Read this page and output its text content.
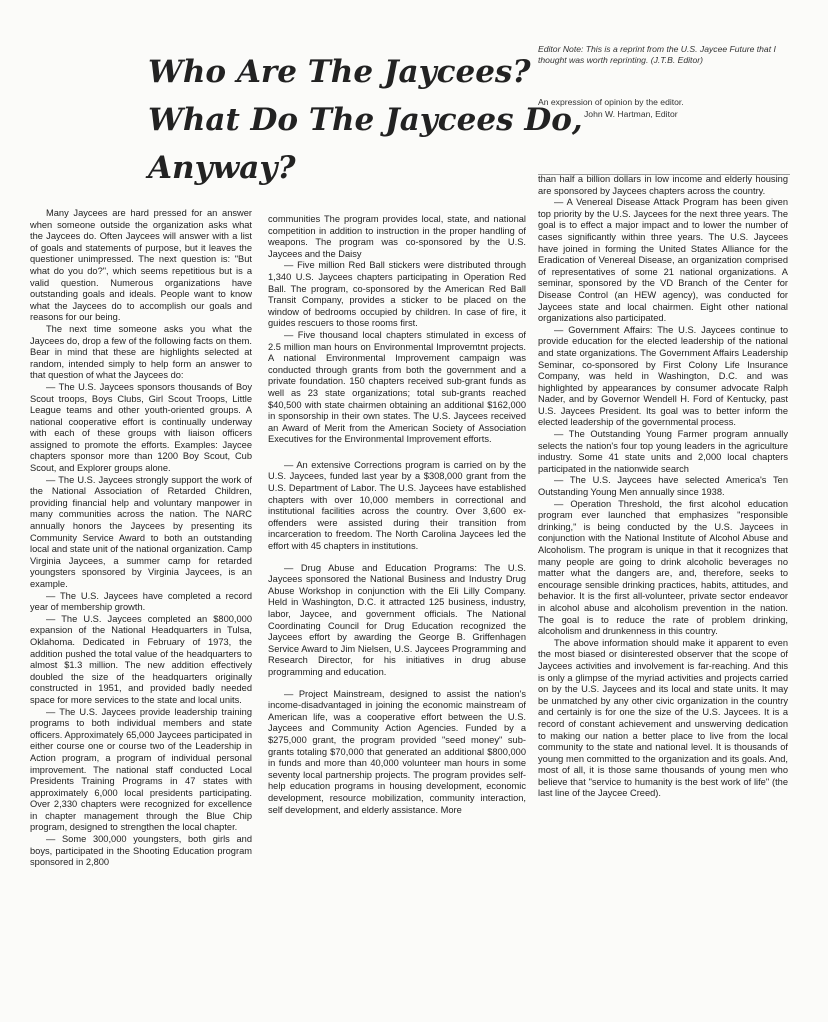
Who Are The Jaycees?
What Do The Jaycees Do,
Anyway?
Editor Note: This is a reprint from the U.S. Jaycee Future that I thought was worth reprinting. (J.T.B. Editor)
An expression of opinion by the editor.
John W. Hartman, Editor

Many Jaycees are hard pressed for an answer when someone outside the organization asks what the Jaycees do. Often Jaycees will answer with a list of goals and statements of purpose, but it leaves the questioner unimpressed. The next question is: "But what do you do?", which seems repetitious but is a valid question. Numerous organizations have outstanding goals and ideals. People want to know what the Jaycees do to accomplish our goals and reasons for our being.

The next time someone asks you what the Jaycees do, drop a few of the following facts on them. Bear in mind that these are highlights selected at random, intended simply to help form an answer to that question of what the Jaycees do:

— The U.S. Jaycees sponsors thousands of Boy Scout troops, Boys Clubs, Girl Scout Troops, Little League teams and other youth-oriented groups. A national cooperative effort is continually underway with each of these groups with liaison officers assigned to promote the efforts. Examples: Jaycee chapters sponsor more than 1200 Boy Scout, Cub Scout, and Explorer groups alone.

— The U.S. Jaycees strongly support the work of the National Association of Retarded Children, providing financial help and voluntary manpower in many communities across the nation. The NARC annually honors the Jaycees by presenting its Community Service Award to both an outstanding local and state unit of the national organization. Camp Virginia Jaycees, a summer camp for retarded youngsters sponsored by Virginia Jaycees, is an example.

— The U.S. Jaycees have completed a record year of membership growth.

— The U.S. Jaycees completed an $800,000 expansion of the National Headquarters in Tulsa, Oklahoma. Dedicated in February of 1973, the addition pushed the total value of the headquarters to almost $1.3 million. The new addition effectively doubled the size of the headquarters originally constructed in 1951, and provided badly needed space for more services to the state and local units.

— The U.S. Jaycees provide leadership training programs to both individual members and state officers. Approximately 65,000 Jaycees participated in either course one or course two of the Leadership in Action program, a program of individual personal improvement. The national staff conducted Local Presidents Training Programs in 47 states with approximately 6,000 local presidents participating. Over 2,330 chapters were recognized for excellence in chapter management through the Blue Chip program, designed to strengthen the local chapter.

— Some 300,000 youngsters, both girls and boys, participated in the Shooting Education program sponsored in 2,800

communities The program provides local, state, and national competition in addition to instruction in the proper handling of weapons. The program was co-sponsored by the U.S. Jaycees and the Daisy

— Five million Red Ball stickers were distributed through 1,340 U.S. Jaycees chapters participating in Operation Red Ball. The program, co-sponsored by the American Red Ball Transit Company, provides a sticker to be placed on the window of bedrooms occupied by children. In case of fire, it guides rescuers to those rooms first.

— Five thousand local chapters stimulated in excess of 2.5 million man hours on Environmental Improvemtnt projects. A national Environmental Improvement campaign was conducted through grants from both the government and a private foundation. 150 chapters received sub-grant funds as well as 23 state organizations; total sub-grants reached $40,500 with state chairmen obtaining an additional $162,000 in sponsorship in their own states. The U.S. Jaycees received an Award of Merit from the American Society of Association Executives for the Environmental Improvement efforts.

— An extensive Corrections program is carried on by the U.S. Jaycees, funded last year by a $308,000 grant from the U.S. Department of Labor. The U.S. Jaycees have established chapters with over 10,000 members in correctional and institutional facilities across the country. Over 3,600 ex-offenders were assisted during their transition from incarceration to freedom. The North Carolina Jaycees led the effort with 45 chapters in institutions.

— Drug Abuse and Education Programs: The U.S. Jaycees sponsored the National Business and Industry Drug Abuse Workshop in conjunction with the Eli Lilly Company. Held in Washington, D.C. it attracted 125 business, industry, labor, Jaycee, and government officials. The National Coordinating Council for Drug Education recognized the Jaycees effort by awarding the George B. Griffenhagen Service Award to Jim Nielsen, U.S. Jaycees Programming and Research Director, for his initiatives in drug abuse programming and education.

— Project Mainstream, designed to assist the nation's income-disadvantaged in joining the economic mainstream of American life, was a cooperative effort between the U.S. Jaycees and Community Action Agencies. Funded by a $275,000 grant, the program provided "seed money" sub-grants totaling $70,000 that generated an additional $800,000 in funds and more than 40,000 volunteer man hours in some seventy local partnership projects. The program provides self-help education programs in housing development, economic development, resource mobilization, community interaction, self development, and elderly assistance. More

than half a billion dollars in low income and elderly housing are sponsored by Jaycees chapters across the country.

— A Venereal Disease Attack Program has been given top priority by the U.S. Jaycees for the next three years. The goal is to effect a major impact and to lower the number of cases significantly within three years. The U.S. Jaycees have joined in forming the United States Alliance for the Eradication of Venereal Disease, an organization comprised of representatives of some 21 national organizations. A seminar, sponsored by the VD Branch of the Center for Disease Control (an HEW agency), was conducted for Jaycees state and local chairmen. Eight other national organizations also participated.

— Government Affairs: The U.S. Jaycees continue to provide education for the elected leadership of the national and state organizations. The Government Affairs Leadership Seminar, co-sponsored by First Colony Life Insurance Company, was held in Washington, D.C. and was highlighted by appearances by consumer advocate Ralph Nader, and by Governor Wendell H. Ford of Kentucky, past U.S. Jaycees President. Its goal was to better inform the elected leadership of the governmental process.

— The Outstanding Young Farmer program annually selects the nation's four top young leaders in the agriculture industry. Some 41 state units and 2,000 local chapters participated in the nationwide search

— The U.S. Jaycees have selected America's Ten Outstanding Young Men annually since 1938.

— Operation Threshold, the first alcohol education program ever launched that emphasizes "responsible drinking," is being conducted by the U.S. Jaycees in conjunction with the National Institute of Alcohol Abuse and Alcoholism. The program is unique in that it recognizes that many people are going to drink alcoholic beverages no matter what the dangers are, and, therefore, seeks to encourage sensible drinking practices, habits, attitudes, and behavior. It is the first all-volunteer, private sector endeavor in alcohol abuse and alcoholism prevention in the nation. The goal is to reduce the rate of problem drinking, alcoholism and drunkenness in this country.

The above information should make it apparent to even the most biased or disinterested observer that the scope of Jaycees activities and involvement is far-reaching. And this is only a glimpse of the myriad activities and projects carried on by the U.S. Jaycees and its local and state units. It may be unmatched by any other civic organization in the country and certainly is for one the size of the U.S. Jaycees. It is a record of constant achievement and unswerving dedication to making our nation a better place to live from the local community to the state and national level. It is thousands of young men committed to the organization and its goals. And, most of all, it is those same thousands of young men who believe that "service to humanity is the best work of life" (the last line of the Jaycee Creed).
